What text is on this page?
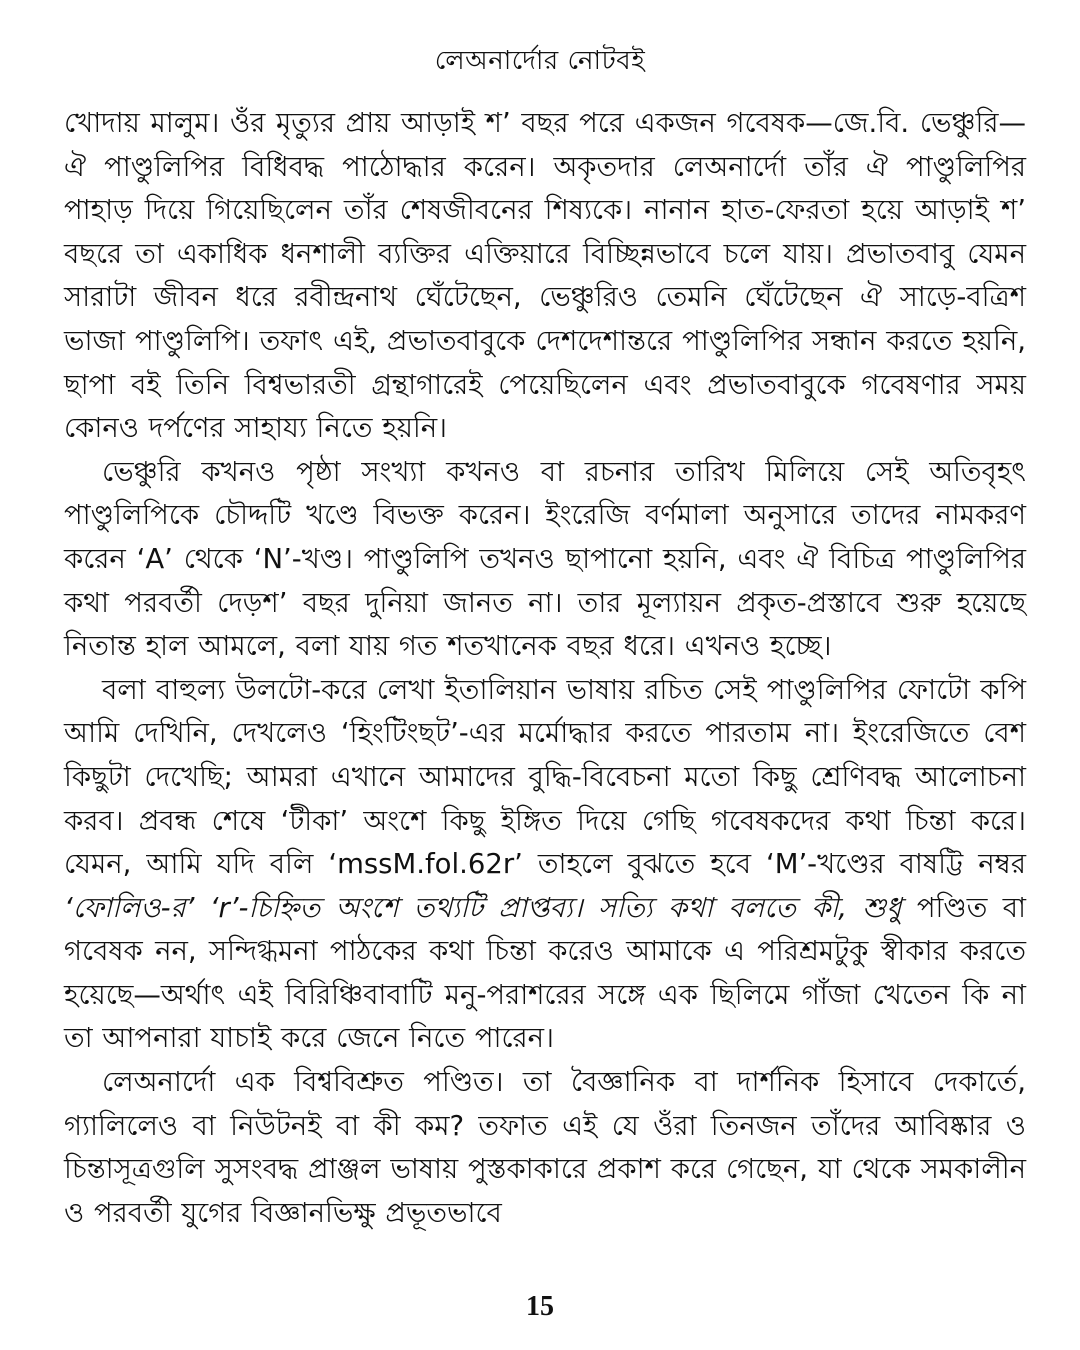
লেঅনার্দোর নোটবই

খোদায় মালুম। ওঁর মৃত্যুর প্রায় আড়াই শ’ বছর পরে একজন গবেষক—জে.বি. ভেঞ্চুরি—ঐ পাণ্ডুলিপির বিধিবদ্ধ পাঠোদ্ধার করেন। অকৃতদার লেঅনার্দো তাঁর ঐ পাণ্ডুলিপির পাহাড় দিয়ে গিয়েছিলেন তাঁর শেষজীবনের শিষ্যকে। নানান হাত-ফেরতা হয়ে আড়াই শ’ বছরে তা একাধিক ধনশালী ব্যক্তির এক্তিয়ারে বিচ্ছিন্নভাবে চলে যায়। প্রভাতবাবু যেমন সারাটা জীবন ধরে রবীন্দ্রনাথ ঘেঁটেছেন, ভেঞ্চুরিও তেমনি ঘেঁটেছেন ঐ সাড়ে-বত্রিশ ভাজা পাণ্ডুলিপি। তফাৎ এই, প্রভাতবাবুকে দেশদেশান্তরে পাণ্ডুলিপির সন্ধান করতে হয়নি, ছাপা বই তিনি বিশ্বভারতী গ্রন্থাগারেই পেয়েছিলেন এবং প্রভাতবাবুকে গবেষণার সময় কোনও দর্পণের সাহায্য নিতে হয়নি।

ভেঞ্চুরি কখনও পৃষ্ঠা সংখ্যা কখনও বা রচনার তারিখ মিলিয়ে সেই অতিবৃহৎ পাণ্ডুলিপিকে চৌদ্দটি খণ্ডে বিভক্ত করেন। ইংরেজি বর্ণমালা অনুসারে তাদের নামকরণ করেন ‘A’ থেকে ‘N’-খণ্ড। পাণ্ডুলিপি তখনও ছাপানো হয়নি, এবং ঐ বিচিত্র পাণ্ডুলিপির কথা পরবর্তী দেড়শ’ বছর দুনিয়া জানত না। তার মূল্যায়ন প্রকৃত-প্রস্তাবে শুরু হয়েছে নিতান্ত হাল আমলে, বলা যায় গত শতখানেক বছর ধরে। এখনও হচ্ছে।

বলা বাহুল্য উলটো-করে লেখা ইতালিয়ান ভাষায় রচিত সেই পাণ্ডুলিপির ফোটো কপি আমি দেখিনি, দেখলেও ‘হিংটিংছট’-এর মর্মোদ্ধার করতে পারতাম না। ইংরেজিতে বেশ কিছুটা দেখেছি; আমরা এখানে আমাদের বুদ্ধি-বিবেচনা মতো কিছু শ্রেণিবদ্ধ আলোচনা করব। প্রবন্ধ শেষে ‘টীকা’ অংশে কিছু ইঙ্গিত দিয়ে গেছি গবেষকদের কথা চিন্তা করে। যেমন, আমি যদি বলি ‘mssM.fol.62r’ তাহলে বুঝতে হবে ‘M’-খণ্ডের বাষট্টি নম্বর ‘ফোলিও-র’ ‘r’-চিহ্নিত অংশে তথ্যটি প্রাপ্তব্য। সত্যি কথা বলতে কী, শুধু পণ্ডিত বা গবেষক নন, সন্দিগ্ধমনা পাঠকের কথা চিন্তা করেও আমাকে এ পরিশ্রমটুকু স্বীকার করতে হয়েছে—অর্থাৎ এই বিরিঞ্চিবাবাটি মনু-পরাশরের সঙ্গে এক ছিলিমে গাঁজা খেতেন কি না তা আপনারা যাচাই করে জেনে নিতে পারেন।

লেঅনার্দো এক বিশ্ববিশ্রুত পণ্ডিত। তা বৈজ্ঞানিক বা দার্শনিক হিসাবে দেকার্তে, গ্যালিলেও বা নিউটনই বা কী কম? তফাত এই যে ওঁরা তিনজন তাঁদের আবিষ্কার ও চিন্তাসূত্রগুলি সুসংবদ্ধ প্রাঞ্জল ভাষায় পুস্তকাকারে প্রকাশ করে গেছেন, যা থেকে সমকালীন ও পরবর্তী যুগের বিজ্ঞানভিক্ষু প্রভূতভাবে

15
